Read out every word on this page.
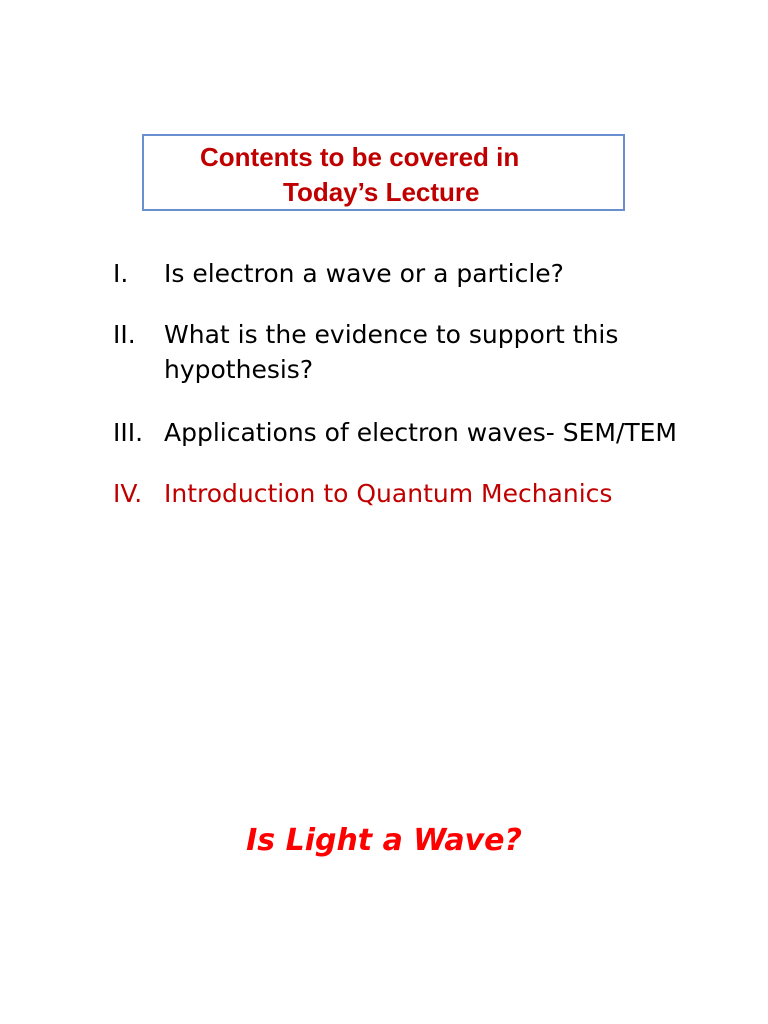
Contents to be covered in
Today’s Lecture
I. Is electron a wave or a particle?
II. What is the evidence to support this hypothesis?
III. Applications of electron waves- SEM/TEM
IV. Introduction to Quantum Mechanics
Is Light a Wave?
